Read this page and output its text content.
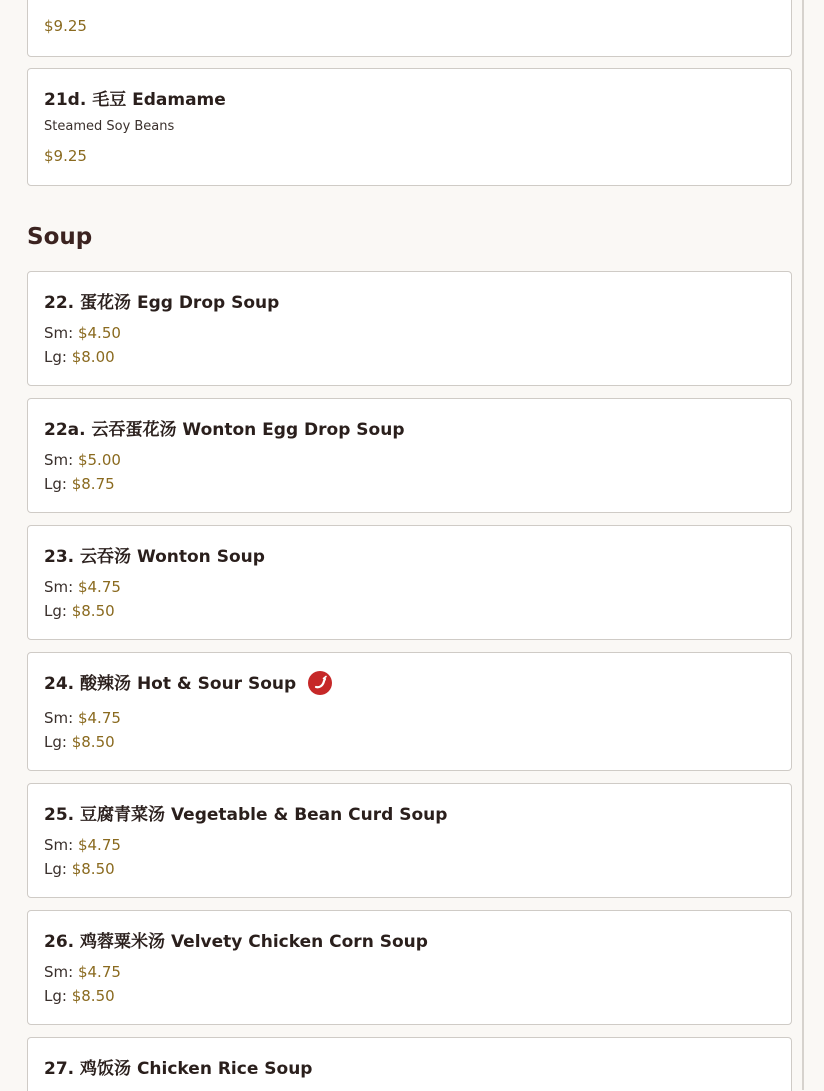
$9.25
21d. 毛豆 Edamame
Steamed Soy Beans
$9.25
Soup
22. 蛋花汤 Egg Drop Soup
Sm: $4.50
Lg: $8.00
22a. 云吞蛋花汤 Wonton Egg Drop Soup
Sm: $5.00
Lg: $8.75
23. 云吞汤 Wonton Soup
Sm: $4.75
Lg: $8.50
24. 酸辣汤 Hot & Sour Soup
Sm: $4.75
Lg: $8.50
25. 豆腐青菜汤 Vegetable & Bean Curd Soup
Sm: $4.75
Lg: $8.50
26. 鸡蓉粟米汤 Velvety Chicken Corn Soup
Sm: $4.75
Lg: $8.50
27. 鸡饭汤 Chicken Rice Soup
